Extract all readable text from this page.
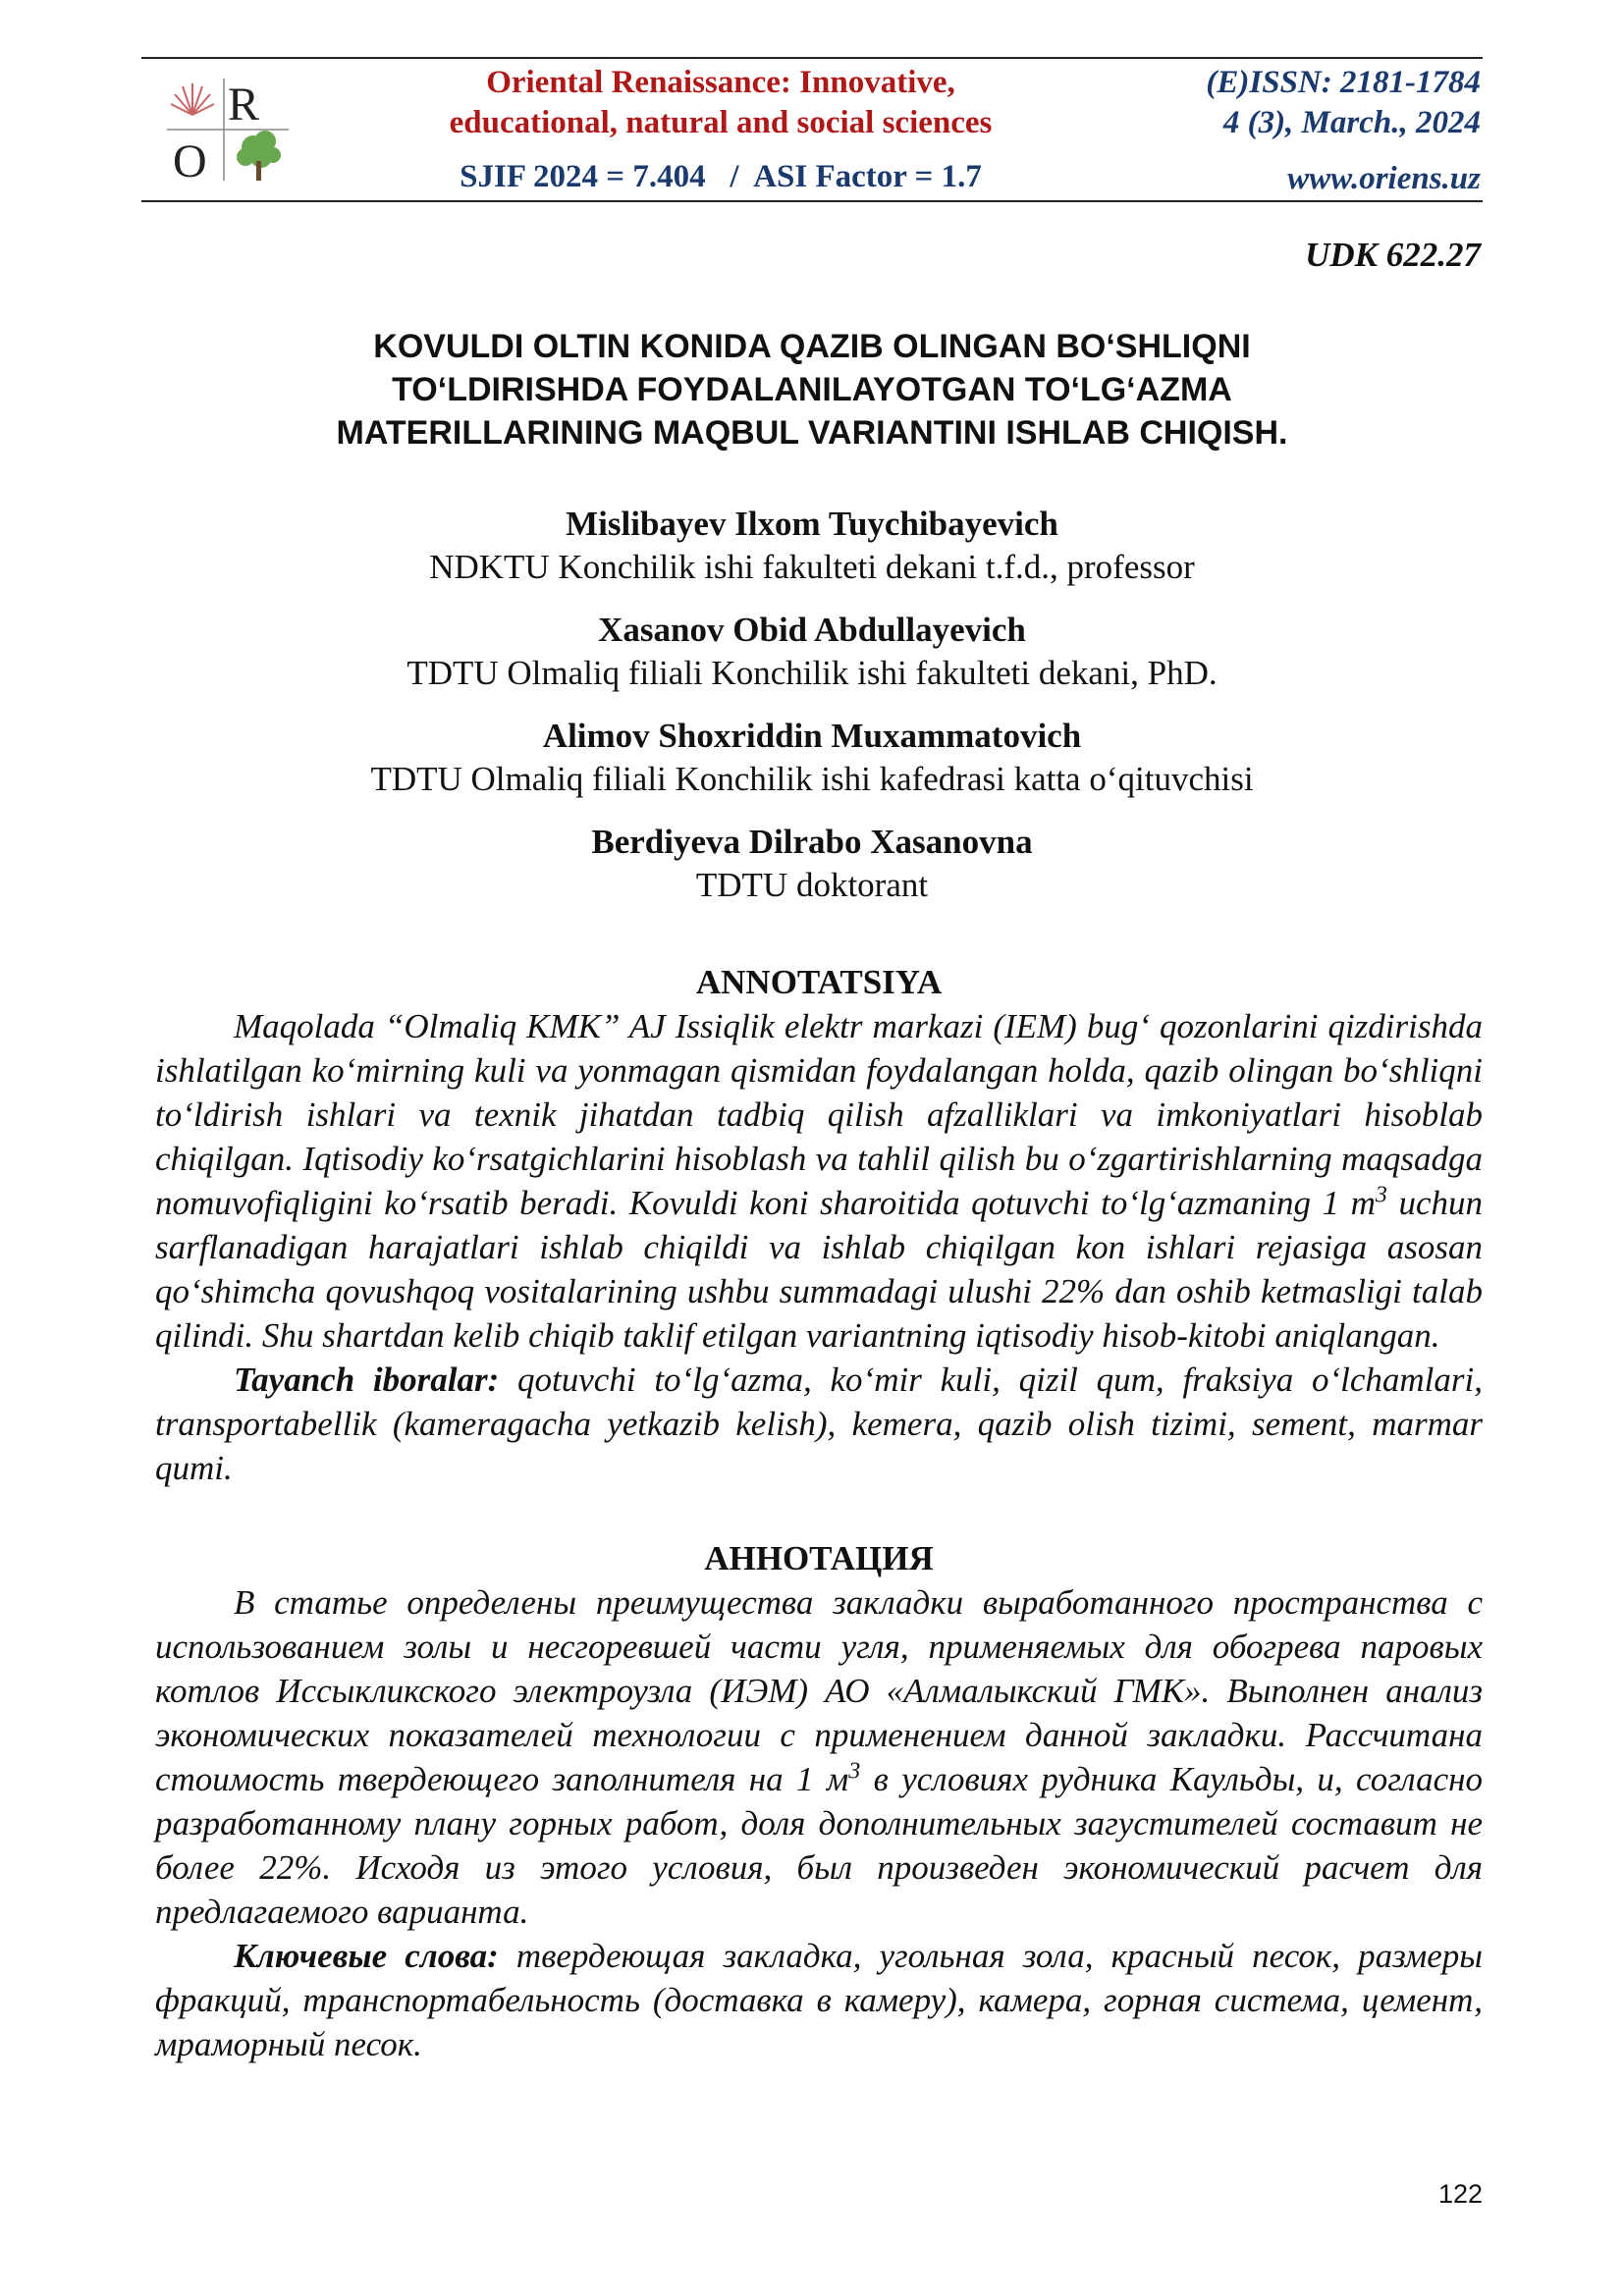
R
O
Oriental Renaissance: Innovative,
educational, natural and social sciences
SJIF 2024 = 7.404   /  ASI Factor = 1.7
(E)ISSN: 2181-1784
4 (3), March., 2024
www.oriens.uz
UDK 622.27
KOVULDI OLTIN KONIDA QAZIB OLINGAN BO‘SHLIQNI
TO‘LDIRISHDA FOYDALANILAYOTGAN TO‘LG‘AZMA
MATERILLARINING MAQBUL VARIANTINI ISHLAB CHIQISH.
Mislibayev Ilxom Tuychibayevich
NDKTU Konchilik ishi fakulteti dekani t.f.d., professor
Xasanov Obid Abdullayevich
TDTU Olmaliq filiali Konchilik ishi fakulteti dekani, PhD.
Alimov Shoxriddin Muxammatovich
TDTU Olmaliq filiali Konchilik ishi kafedrasi katta o‘qituvchisi
Berdiyeva Dilrabo Xasanovna
TDTU doktorant
ANNOTATSIYA

Maqolada “Olmaliq KMK” AJ Issiqlik elektr markazi (IEM) bug‘ qozonlarini qizdirishda ishlatilgan ko‘mirning kuli va yonmagan qismidan foydalangan holda, qazib olingan bo‘shliqni to‘ldirish ishlari va texnik jihatdan tadbiq qilish afzalliklari va imkoniyatlari hisoblab chiqilgan. Iqtisodiy ko‘rsatgichlarini hisoblash va tahlil qilish bu o‘zgartirishlarning maqsadga nomuvofiqligini ko‘rsatib beradi. Kovuldi koni sharoitida qotuvchi to‘lg‘azmaning 1 $m^3$ uchun sarflanadigan harajatlari ishlab chiqildi va ishlab chiqilgan kon ishlari rejasiga asosan qo‘shimcha qovushqoq vositalarining ushbu summadagi ulushi 22% dan oshib ketmasligi talab qilindi. Shu shartdan kelib chiqib taklif etilgan variantning iqtisodiy hisob-kitobi aniqlangan.

Tayanch iboralar: qotuvchi to‘lg‘azma, ko‘mir kuli, qizil qum, fraksiya o‘lchamlari, transportabellik (kameragacha yetkazib kelish), kemera, qazib olish tizimi, sement, marmar qumi.

АННОТАЦИЯ

В статье определены преимущества закладки выработанного пространства с использованием золы и несгоревшей части угля, применяемых для обогрева паровых котлов Иссыкликского электроузла (ИЭМ) АО «Алмалыкский ГМК». Выполнен анализ экономических показателей технологии с применением данной закладки. Рассчитана стоимость твердеющего заполнителя на 1 $м^3$ в условиях рудника Каульды, и, согласно разработанному плану горных работ, доля дополнительных загустителей составит не более 22%. Исходя из этого условия, был произведен экономический расчет для предлагаемого варианта.

Ключевые слова: твердеющая закладка, угольная зола, красный песок, размеры фракций, транспортабельность (доставка в камеру), камера, горная система, цемент, мраморный песок.

122
